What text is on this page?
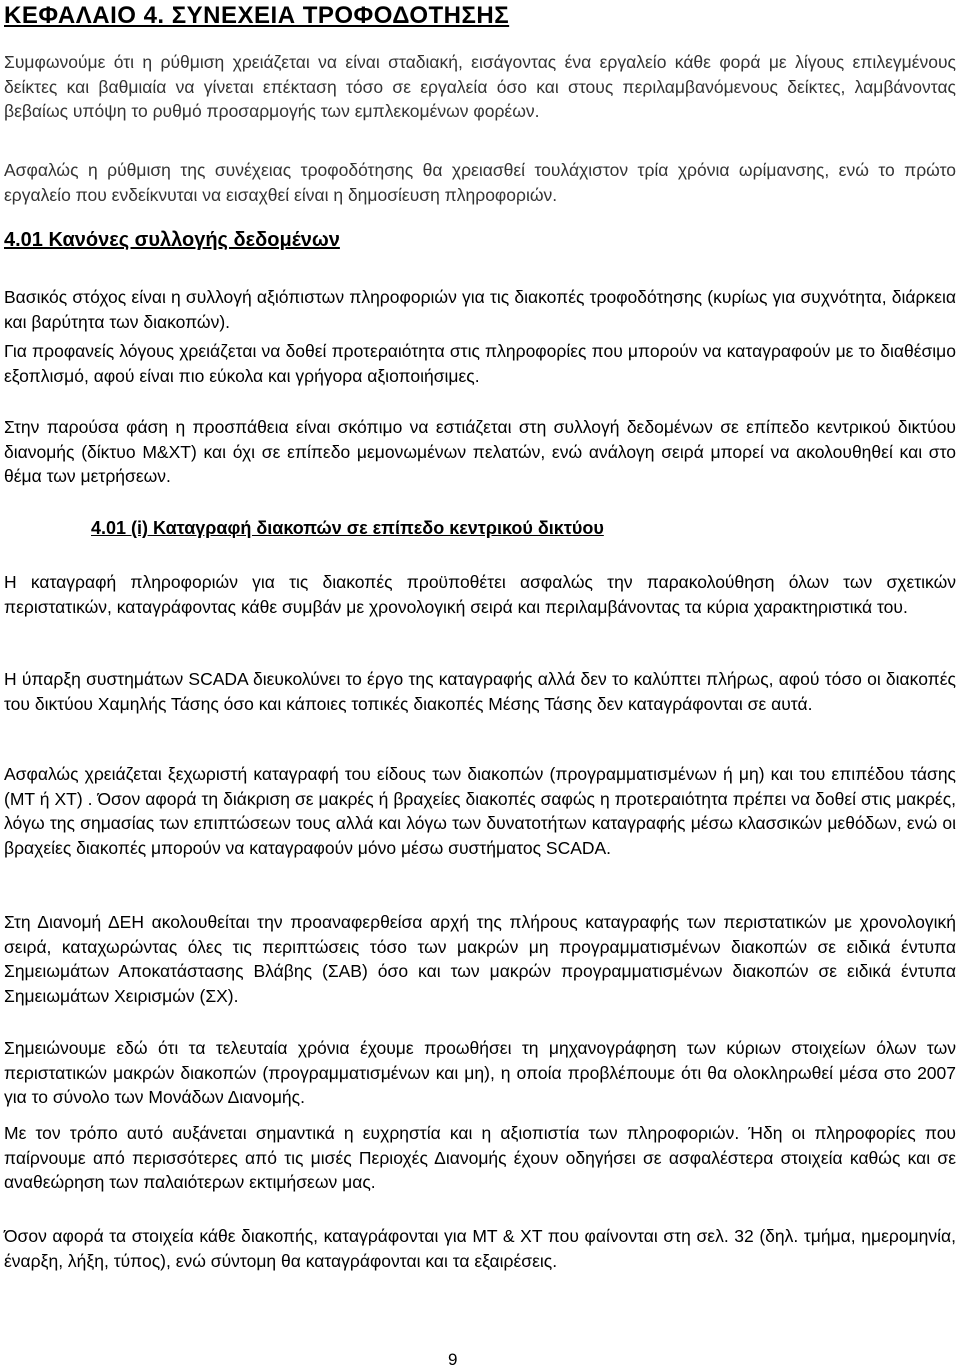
ΚΕΦΑΛΑΙΟ 4. ΣΥΝΕΧΕΙΑ ΤΡΟΦΟΔΟΤΗΣΗΣ

Συμφωνούμε ότι η ρύθμιση χρειάζεται να είναι σταδιακή, εισάγοντας ένα εργαλείο κάθε φορά με λίγους επιλεγμένους δείκτες και βαθμιαία να γίνεται επέκταση τόσο σε εργαλεία όσο και στους περιλαμβανόμενους δείκτες, λαμβάνοντας βεβαίως υπόψη το ρυθμό προσαρμογής των εμπλεκομένων φορέων.

Ασφαλώς η ρύθμιση της συνέχειας τροφοδότησης θα χρειασθεί τουλάχιστον τρία χρόνια ωρίμανσης, ενώ το πρώτο εργαλείο που ενδείκνυται να εισαχθεί είναι η δημοσίευση πληροφοριών.

4.01 Κανόνες συλλογής δεδομένων

Βασικός στόχος είναι η συλλογή αξιόπιστων πληροφοριών για τις διακοπές τροφοδότησης (κυρίως για συχνότητα, διάρκεια και βαρύτητα των διακοπών).

Για προφανείς λόγους χρειάζεται να δοθεί προτεραιότητα στις πληροφορίες που μπορούν να καταγραφούν με το διαθέσιμο εξοπλισμό, αφού είναι πιο εύκολα και γρήγορα αξιοποιήσιμες.

Στην παρούσα φάση η προσπάθεια είναι σκόπιμο να εστιάζεται στη συλλογή δεδομένων σε επίπεδο κεντρικού δικτύου διανομής (δίκτυο Μ&ΧΤ) και όχι σε επίπεδο μεμονωμένων πελατών, ενώ ανάλογη σειρά μπορεί να ακολουθηθεί και στο θέμα των μετρήσεων.

4.01 (i) Καταγραφή διακοπών σε επίπεδο κεντρικού δικτύου

Η καταγραφή πληροφοριών για τις διακοπές προϋποθέτει ασφαλώς την παρακολούθηση όλων των σχετικών περιστατικών, καταγράφοντας κάθε συμβάν με χρονολογική σειρά και περιλαμβάνοντας τα κύρια χαρακτηριστικά του.

Η ύπαρξη συστημάτων SCADA διευκολύνει το έργο της καταγραφής αλλά δεν το καλύπτει πλήρως, αφού τόσο οι διακοπές του δικτύου Χαμηλής Τάσης όσο και κάποιες τοπικές διακοπές Μέσης Τάσης δεν καταγράφονται σε αυτά.

Ασφαλώς χρειάζεται ξεχωριστή καταγραφή του είδους των διακοπών (προγραμματισμένων ή μη) και του επιπέδου τάσης (ΜΤ ή ΧΤ) . Όσον αφορά τη διάκριση σε μακρές ή βραχείες διακοπές σαφώς η προτεραιότητα πρέπει να δοθεί στις μακρές, λόγω της σημασίας των επιπτώσεων τους αλλά και λόγω των δυνατοτήτων καταγραφής μέσω κλασσικών μεθόδων, ενώ οι βραχείες διακοπές μπορούν να καταγραφούν μόνο μέσω συστήματος SCADA.

Στη Διανομή ΔΕΗ ακολουθείται την προαναφερθείσα αρχή της πλήρους καταγραφής των περιστατικών με χρονολογική σειρά, καταχωρώντας όλες τις περιπτώσεις τόσο των μακρών μη προγραμματισμένων διακοπών σε ειδικά έντυπα Σημειωμάτων Αποκατάστασης Βλάβης (ΣΑΒ) όσο και των μακρών προγραμματισμένων διακοπών σε ειδικά έντυπα Σημειωμάτων Χειρισμών (ΣΧ).

Σημειώνουμε εδώ ότι τα τελευταία χρόνια έχουμε προωθήσει τη μηχανογράφηση των κύριων στοιχείων όλων των περιστατικών μακρών διακοπών (προγραμματισμένων και μη), η οποία προβλέπουμε ότι θα ολοκληρωθεί μέσα στο 2007 για το σύνολο των Μονάδων Διανομής.

Με τον τρόπο αυτό αυξάνεται σημαντικά η ευχρηστία και η αξιοπιστία των πληροφοριών. Ήδη οι πληροφορίες που παίρνουμε από περισσότερες από τις μισές Περιοχές Διανομής έχουν οδηγήσει σε ασφαλέστερα στοιχεία καθώς και σε αναθεώρηση των παλαιότερων εκτιμήσεων μας.

Όσον αφορά τα στοιχεία κάθε διακοπής, καταγράφονται για ΜΤ & ΧΤ που φαίνονται στη σελ. 32 (δηλ. τμήμα, ημερομηνία, έναρξη, λήξη, τύπος), ενώ σύντομη θα καταγράφονται και τα εξαιρέσεις.

9
